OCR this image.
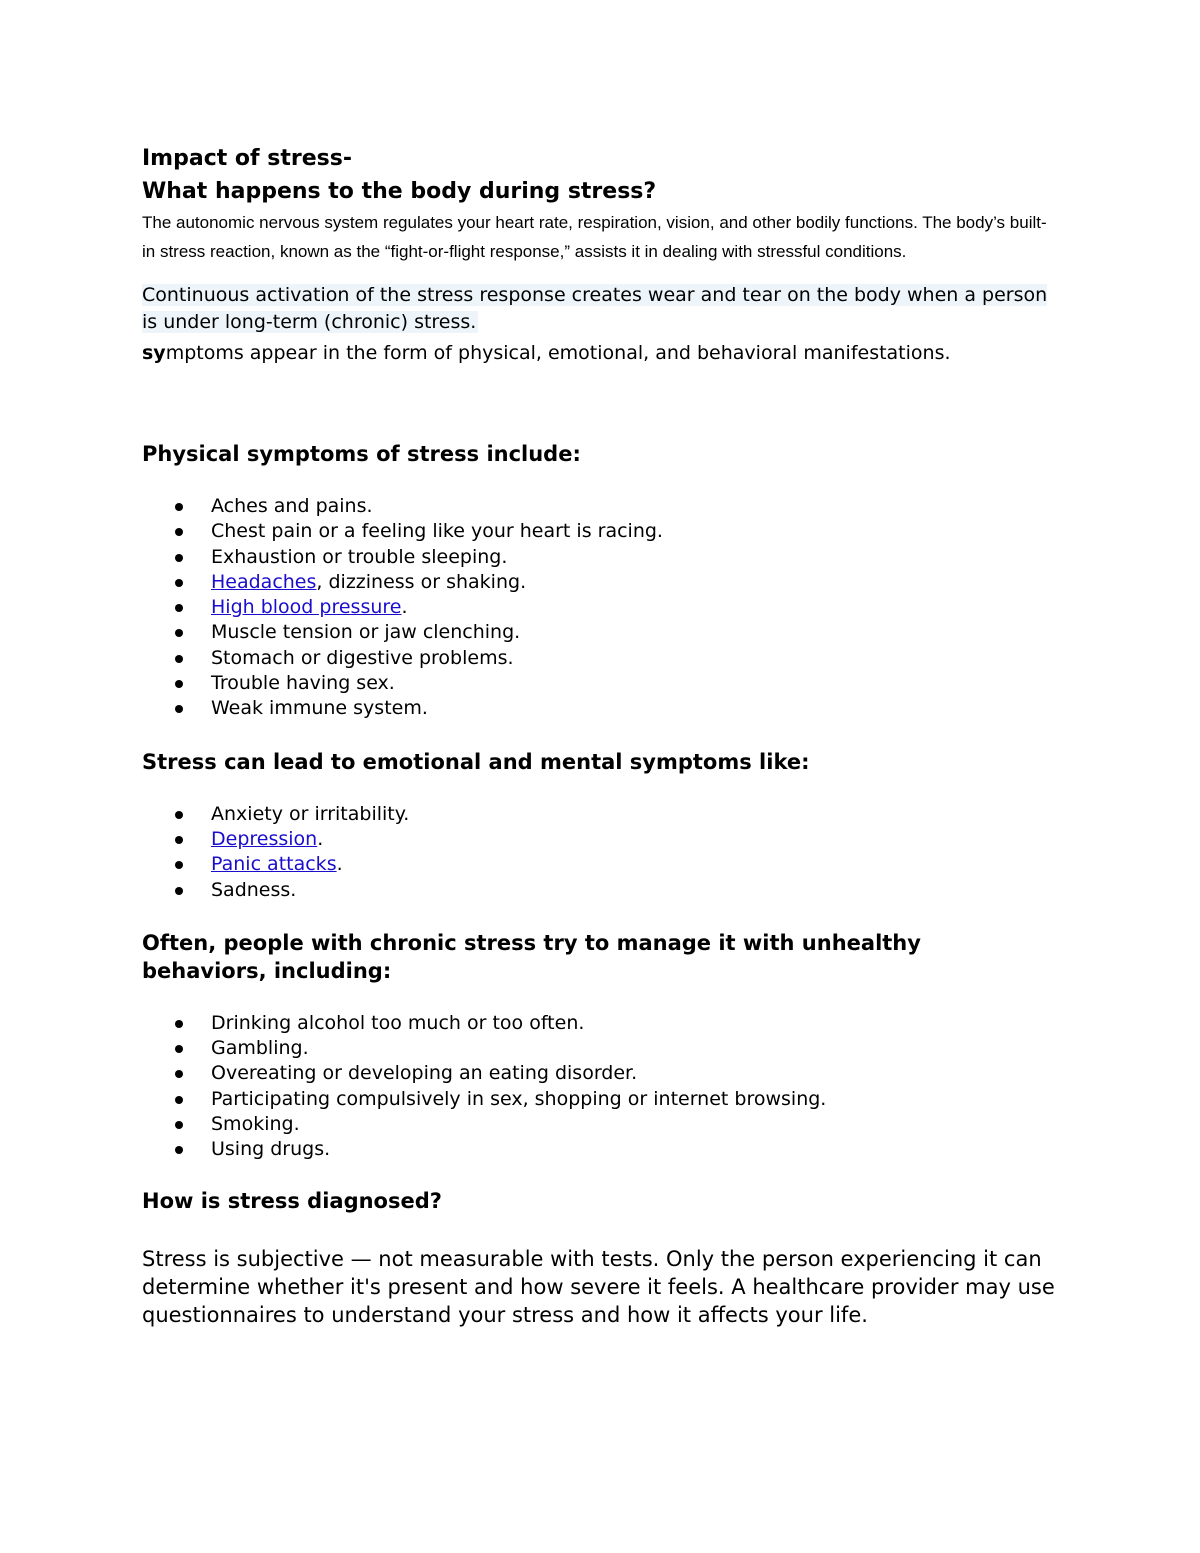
Impact of stress-
What happens to the body during stress?

The autonomic nervous system regulates your heart rate, respiration, vision, and other bodily functions. The body’s built-in stress reaction, known as the “fight-or-flight response,” assists it in dealing with stressful conditions.

Continuous activation of the stress response creates wear and tear on the body when a person is under long-term (chronic) stress.

symptoms appear in the form of physical, emotional, and behavioral manifestations.

Physical symptoms of stress include:
Aches and pains.
Chest pain or a feeling like your heart is racing.
Exhaustion or trouble sleeping.
Headaches, dizziness or shaking.
High blood pressure.
Muscle tension or jaw clenching.
Stomach or digestive problems.
Trouble having sex.
Weak immune system.
Stress can lead to emotional and mental symptoms like:
Anxiety or irritability.
Depression.
Panic attacks.
Sadness.
Often, people with chronic stress try to manage it with unhealthy behaviors, including:
Drinking alcohol too much or too often.
Gambling.
Overeating or developing an eating disorder.
Participating compulsively in sex, shopping or internet browsing.
Smoking.
Using drugs.
How is stress diagnosed?

Stress is subjective — not measurable with tests. Only the person experiencing it can determine whether it's present and how severe it feels. A healthcare provider may use questionnaires to understand your stress and how it affects your life.
